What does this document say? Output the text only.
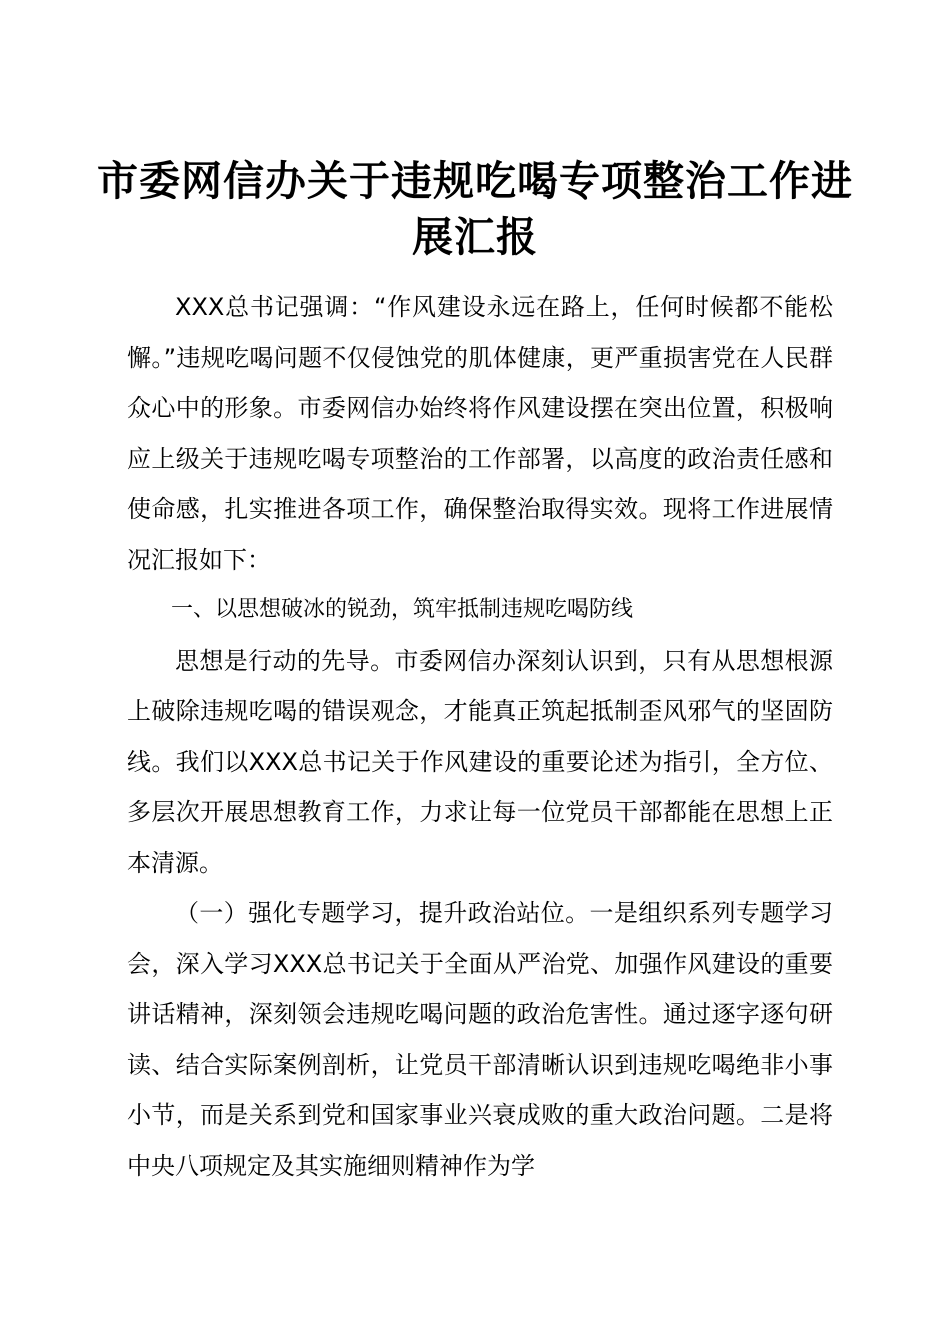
市委网信办关于违规吃喝专项整治工作进展汇报

XXX总书记强调：“作风建设永远在路上，任何时候都不能松懈。”违规吃喝问题不仅侵蚀党的肌体健康，更严重损害党在人民群众心中的形象。市委网信办始终将作风建设摆在突出位置，积极响应上级关于违规吃喝专项整治的工作部署，以高度的政治责任感和使命感，扎实推进各项工作，确保整治取得实效。现将工作进展情况汇报如下：

一、以思想破冰的锐劲，筑牢抵制违规吃喝防线

思想是行动的先导。市委网信办深刻认识到，只有从思想根源上破除违规吃喝的错误观念，才能真正筑起抵制歪风邪气的坚固防线。我们以XXX总书记关于作风建设的重要论述为指引，全方位、多层次开展思想教育工作，力求让每一位党员干部都能在思想上正本清源。

（一）强化专题学习，提升政治站位。一是组织系列专题学习会，深入学习XXX总书记关于全面从严治党、加强作风建设的重要讲话精神，深刻领会违规吃喝问题的政治危害性。通过逐字逐句研读、结合实际案例剖析，让党员干部清晰认识到违规吃喝绝非小事小节，而是关系到党和国家事业兴衰成败的重大政治问题。二是将中央八项规定及其实施细则精神作为学
